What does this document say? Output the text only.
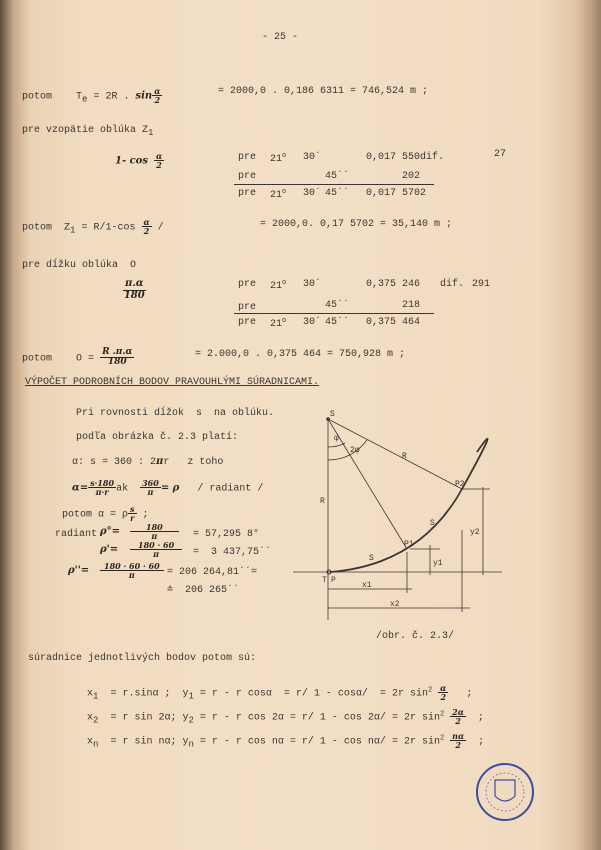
- 25 -
potom $T_e = 2R$ . $\sin \frac{\alpha}{2}$	= 2000,0 . 0,186 6311 = 746,524 m ;
pre vzopätie oblúka $Z_1$
1- $\cos \frac{\alpha}{2}$	pre 21$^o$ 30´	0,017 550 dif.	27
pre	45´´	202
pre 21$^o$ 30´ 45´´ 0,017 5702
potom $Z_1 = R/1-\cos \frac{\alpha}{2}$ /	= 2000,0. 0,17 5702 = 35,140 m ;
pre dĺžku oblúka  O
$\frac{\pi.\alpha}{180}$	pre 21$^o$ 30´	0,375 246 dif. 291
pre	45´´	218
pre 21$^o$ 30´ 45´´ 0,375 464
potom $O = \frac{R .\pi.\alpha}{180}$	= 2.000,0 . 0,375 464 = 750,928 m ;
VÝPOČET PODROBNÍCH BODOV PRAVOUHLÝMI SÚRADNICAMI.
Pri rovnosti dĺžok  s  na oblúku.
podľa obrázka č. 2.3 platí:
α: s = 360 : 2πr   z toho
$\alpha= \frac{s\cdot 180}{\pi\cdot r}$ ak $\frac{360}{\pi} = \rho$ / radiant /
potom α = ρ $\frac{s}{r}$ ;
radiant $\rho^\circ= \frac{180}{\pi} = 57,295$ 8°
$\rho'= \frac{180 \cdot 60}{\pi} = 3$ 437,75´´
$\rho''= \frac{180 \cdot 60 \cdot 60}{\pi} = 206$ 264,81´´=
≐  206 265´´
S
φ
2φ
R
R
P2
P1
S
S
T P
x1
x2
y1
y2
/obr. č. 2.3/
súradnice jednotlivých bodov potom sú:
$x_1 = r.\sin\alpha$ ; $y_1 = r - r$ cosα  = r/ 1 - cosα/  = 2r $\sin^2 \frac{\alpha}{2}$ ;
$x_2 = r$ sin 2α; $y_2 = r - r$ cos 2α = r/ 1 - cos 2α/ = 2r $\sin^2 \frac{2\alpha}{2}$ ;
$x_n = r$ sin nα; $y_n = r - r$ cos nα = r/ 1 - cos nα/ = 2r $\sin^2 \frac{n\alpha}{2}$ ;
